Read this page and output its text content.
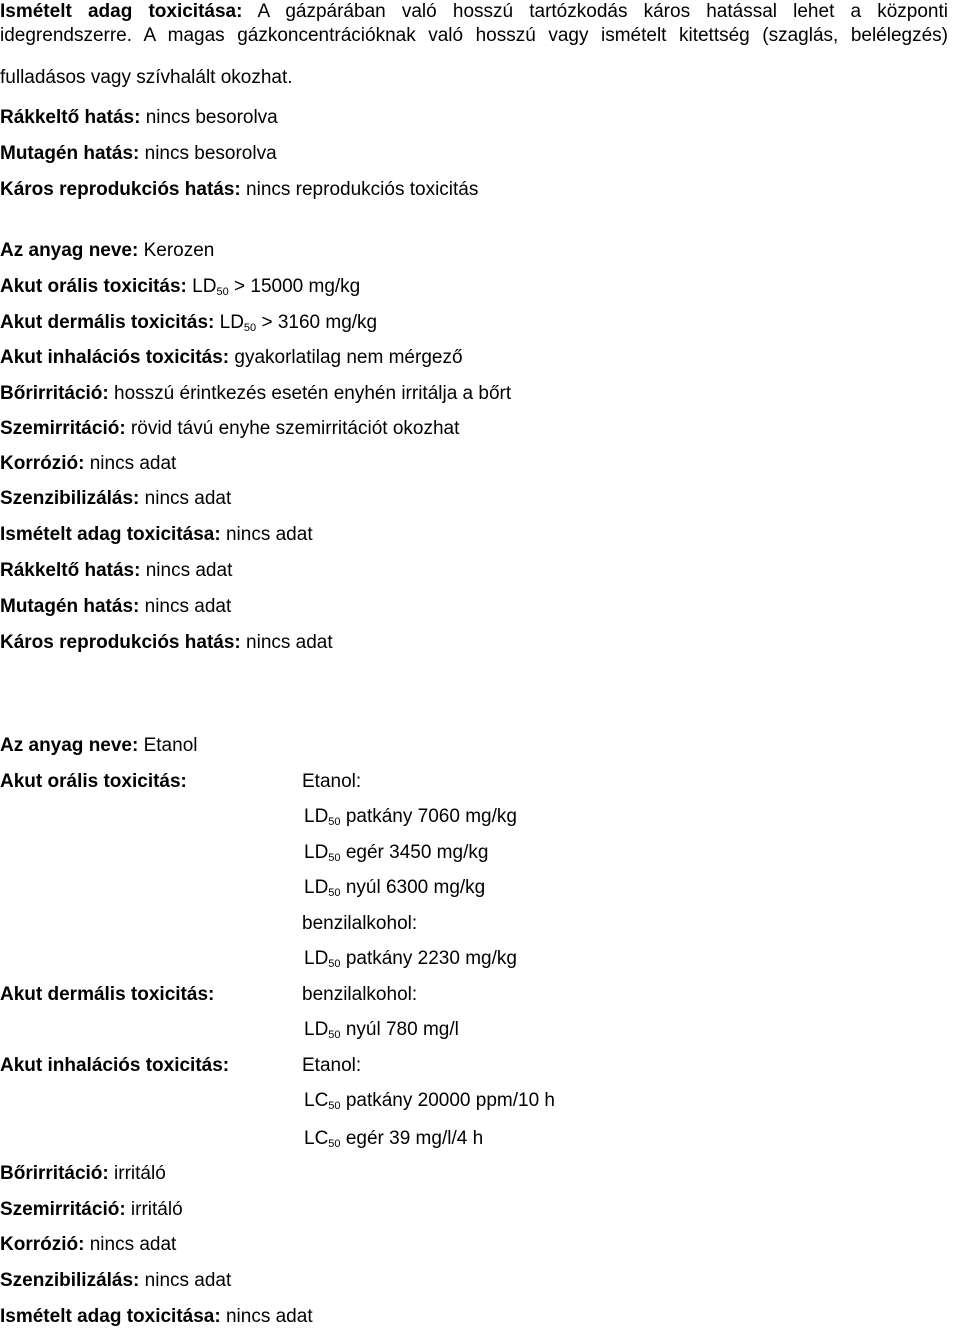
Ismételt adag toxicitása: A gázpárában való hosszú tartózkodás káros hatással lehet a központi idegrendszerre. A magas gázkoncentrációknak való hosszú vagy ismételt kitettség (szaglás, belélegzés)
fulladásos vagy szívhalált okozhat.
Rákkeltő hatás: nincs besorolva
Mutagén hatás: nincs besorolva
Káros reprodukciós hatás: nincs reprodukciós toxicitás
Az anyag neve: Kerozen
Akut orális toxicitás: $LD_{50} > 15000$ mg/kg
Akut dermális toxicitás: $LD_{50} > 3160$ mg/kg
Akut inhalációs toxicitás: gyakorlatilag nem mérgező
Bőrirritáció: hosszú érintkezés esetén enyhén irritálja a bőrt
Szemirritáció: rövid távú enyhe szemirritációt okozhat
Korrózió: nincs adat
Szenzibilizálás: nincs adat
Ismételt adag toxicitása: nincs adat
Rákkeltő hatás: nincs adat
Mutagén hatás: nincs adat
Káros reprodukciós hatás: nincs adat
Az anyag neve: Etanol
Akut orális toxicitás:	Etanol:
$LD_{50}$ patkány 7060 mg/kg
$LD_{50}$ egér 3450 mg/kg
$LD_{50}$ nyúl 6300 mg/kg
benzilalkohol:
$LD_{50}$ patkány 2230 mg/kg
Akut dermális toxicitás:	benzilalkohol:
$LD_{50}$ nyúl 780 mg/l
Akut inhalációs toxicitás:	Etanol:
$LC_{50}$ patkány 20000 ppm/10 h
$LC_{50}$ egér 39 mg/l/4 h
Bőrirritáció: irritáló
Szemirritáció: irritáló
Korrózió: nincs adat
Szenzibilizálás: nincs adat
Ismételt adag toxicitása: nincs adat
